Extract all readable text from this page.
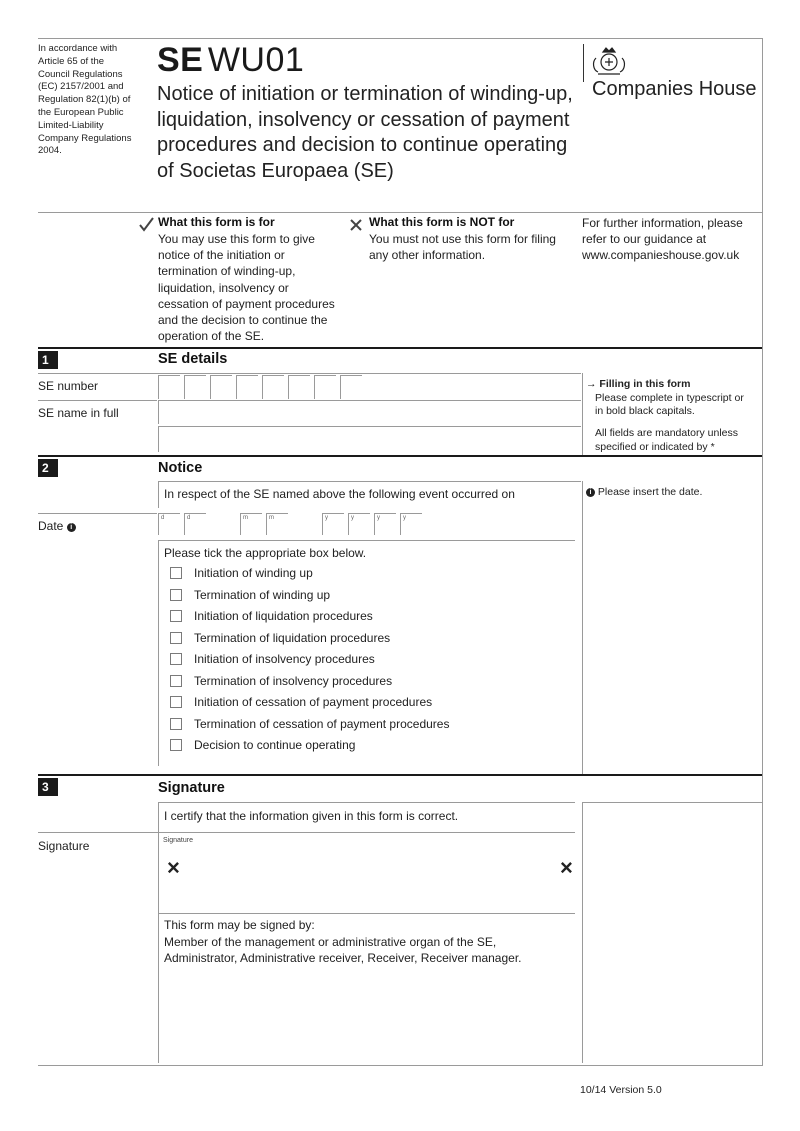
In accordance with Article 65 of the Council Regulations (EC) 2157/2001 and Regulation 82(1)(b) of the European Public Limited-Liability Company Regulations 2004.
SE WU01
Notice of initiation or termination of winding-up, liquidation, insolvency or cessation of payment procedures and decision to continue operating of Societas Europaea (SE)
Companies House
What this form is for
You may use this form to give notice of the initiation or termination of winding-up, liquidation, insolvency or cessation of payment procedures and the decision to continue the operation of the SE.
What this form is NOT for
You must not use this form for filing any other information.
For further information, please refer to our guidance at www.companieshouse.gov.uk
1	SE details
SE number
SE name in full
→ Filling in this form

Please complete in typescript or in bold black capitals.
All fields are mandatory unless specified or indicated by *
2	Notice
In respect of the SE named above the following event occurred on	i Please insert the date.
Date i
d	d	m	m	y	y	y	y
Please tick the appropriate box below.
Initiation of winding up
Termination of winding up
Initiation of liquidation procedures
Termination of liquidation procedures
Initiation of insolvency procedures
Termination of insolvency procedures
Initiation of cessation of payment procedures
Termination of cessation of payment procedures
Decision to continue operating
3	Signature
I certify that the information given in this form is correct.
Signature	Signature
×	×
This form may be signed by:
Member of the management or administrative organ of the SE, Administrator, Administrative receiver, Receiver, Receiver manager.
10/14 Version 5.0
